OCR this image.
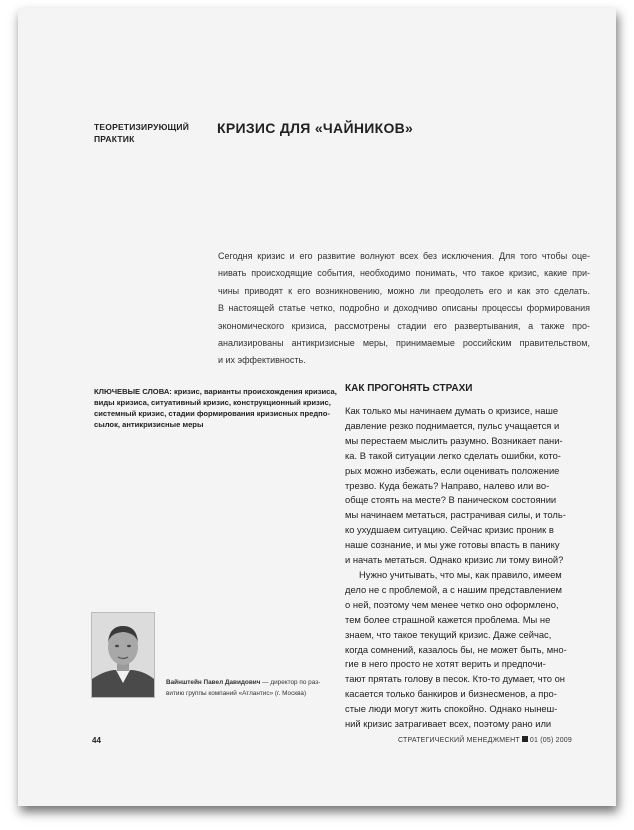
ТЕОРЕТИЗИРУЮЩИЙ
ПРАКТИК
КРИЗИС ДЛЯ «ЧАЙНИКОВ»
Сегодня кризис и его развитие волнуют всех без исключения. Для того чтобы оце-
нивать происходящие события, необходимо понимать, что такое кризис, какие при-
чины приводят к его возникновению, можно ли преодолеть его и как это сделать.
В настоящей статье четко, подробно и доходчиво описаны процессы формирования
экономического кризиса, рассмотрены стадии его развертывания, а также про-
анализированы антикризисные меры, принимаемые российским правительством,
и их эффективность.
КЛЮЧЕВЫЕ СЛОВА: кризис, варианты происхождения кризиса,
виды кризиса, ситуативный кризис, конструкционный кризис,
системный кризис, стадии формирования кризисных предпо-
сылок, антикризисные меры
КАК ПРОГОНЯТЬ СТРАХИ
Как только мы начинаем думать о кризисе, наше
давление резко поднимается, пульс учащается и
мы перестаем мыслить разумно. Возникает пани-
ка. В такой ситуации легко сделать ошибки, кото-
рых можно избежать, если оценивать положение
трезво. Куда бежать? Направо, налево или во-
обще стоять на месте? В паническом состоянии
мы начинаем метаться, растрачивая силы, и толь-
ко ухудшаем ситуацию. Сейчас кризис проник в
наше сознание, и мы уже готовы впасть в панику
и начать метаться. Однако кризис ли тому виной?
Нужно учитывать, что мы, как правило, имеем
дело не с проблемой, а с нашим представлением
о ней, поэтому чем менее четко оно оформлено,
тем более страшной кажется проблема. Мы не
знаем, что такое текущий кризис. Даже сейчас,
когда сомнений, казалось бы, не может быть, мно-
гие в него просто не хотят верить и предпочи-
тают прятать голову в песок. Кто-то думает, что он
касается только банкиров и бизнесменов, а про-
стые люди могут жить спокойно. Однако нынеш-
ний кризис затрагивает всех, поэтому рано или
Вайнштейн Павел Давидович — директор по раз-
витию группы компаний «Атлантис» (г. Москва)
44	СТРАТЕГИЧЕСКИЙ МЕНЕДЖМЕНТ 01 (05) 2009
